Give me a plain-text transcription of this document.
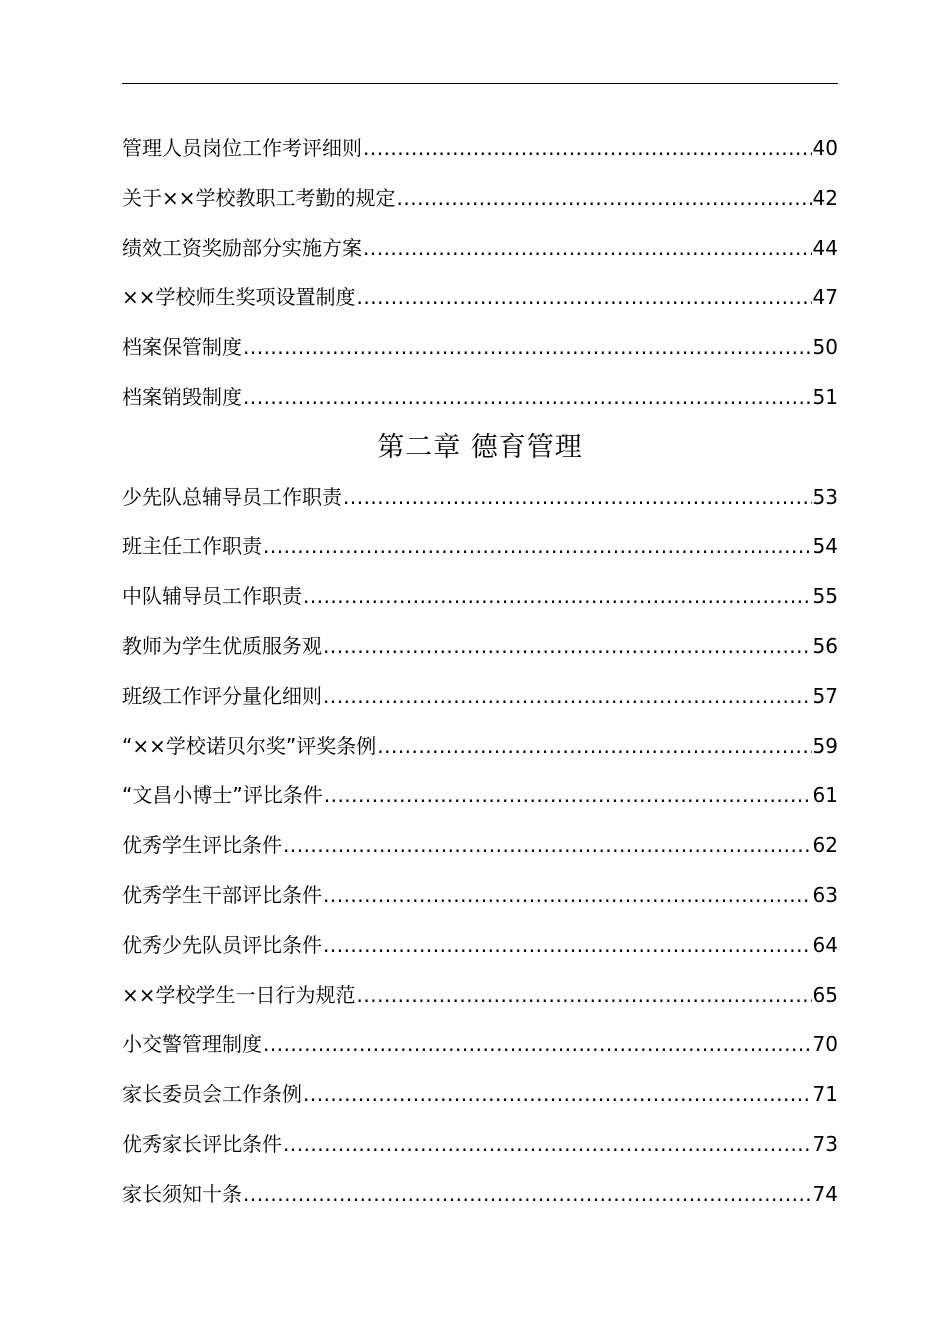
管理人员岗位工作考评细则 .....	40
关于××学校教职工考勤的规定 .....	42
绩效工资奖励部分实施方案 .....	44
××学校师生奖项设置制度 .....	47
档案保管制度 .....	50
档案销毁制度 .....	51
第二章 德育管理
少先队总辅导员工作职责 .....	53
班主任工作职责 .....	54
中队辅导员工作职责 .....	55
教师为学生优质服务观 .....	56
班级工作评分量化细则 .....	57
“××学校诺贝尔奖”评奖条例 .....	59
“文昌小博士”评比条件 .....	61
优秀学生评比条件 .....	62
优秀学生干部评比条件 .....	63
优秀少先队员评比条件 .....	64
××学校学生一日行为规范 .....	65
小交警管理制度 .....	70
家长委员会工作条例 .....	71
优秀家长评比条件 .....	73
家长须知十条 .....	74
